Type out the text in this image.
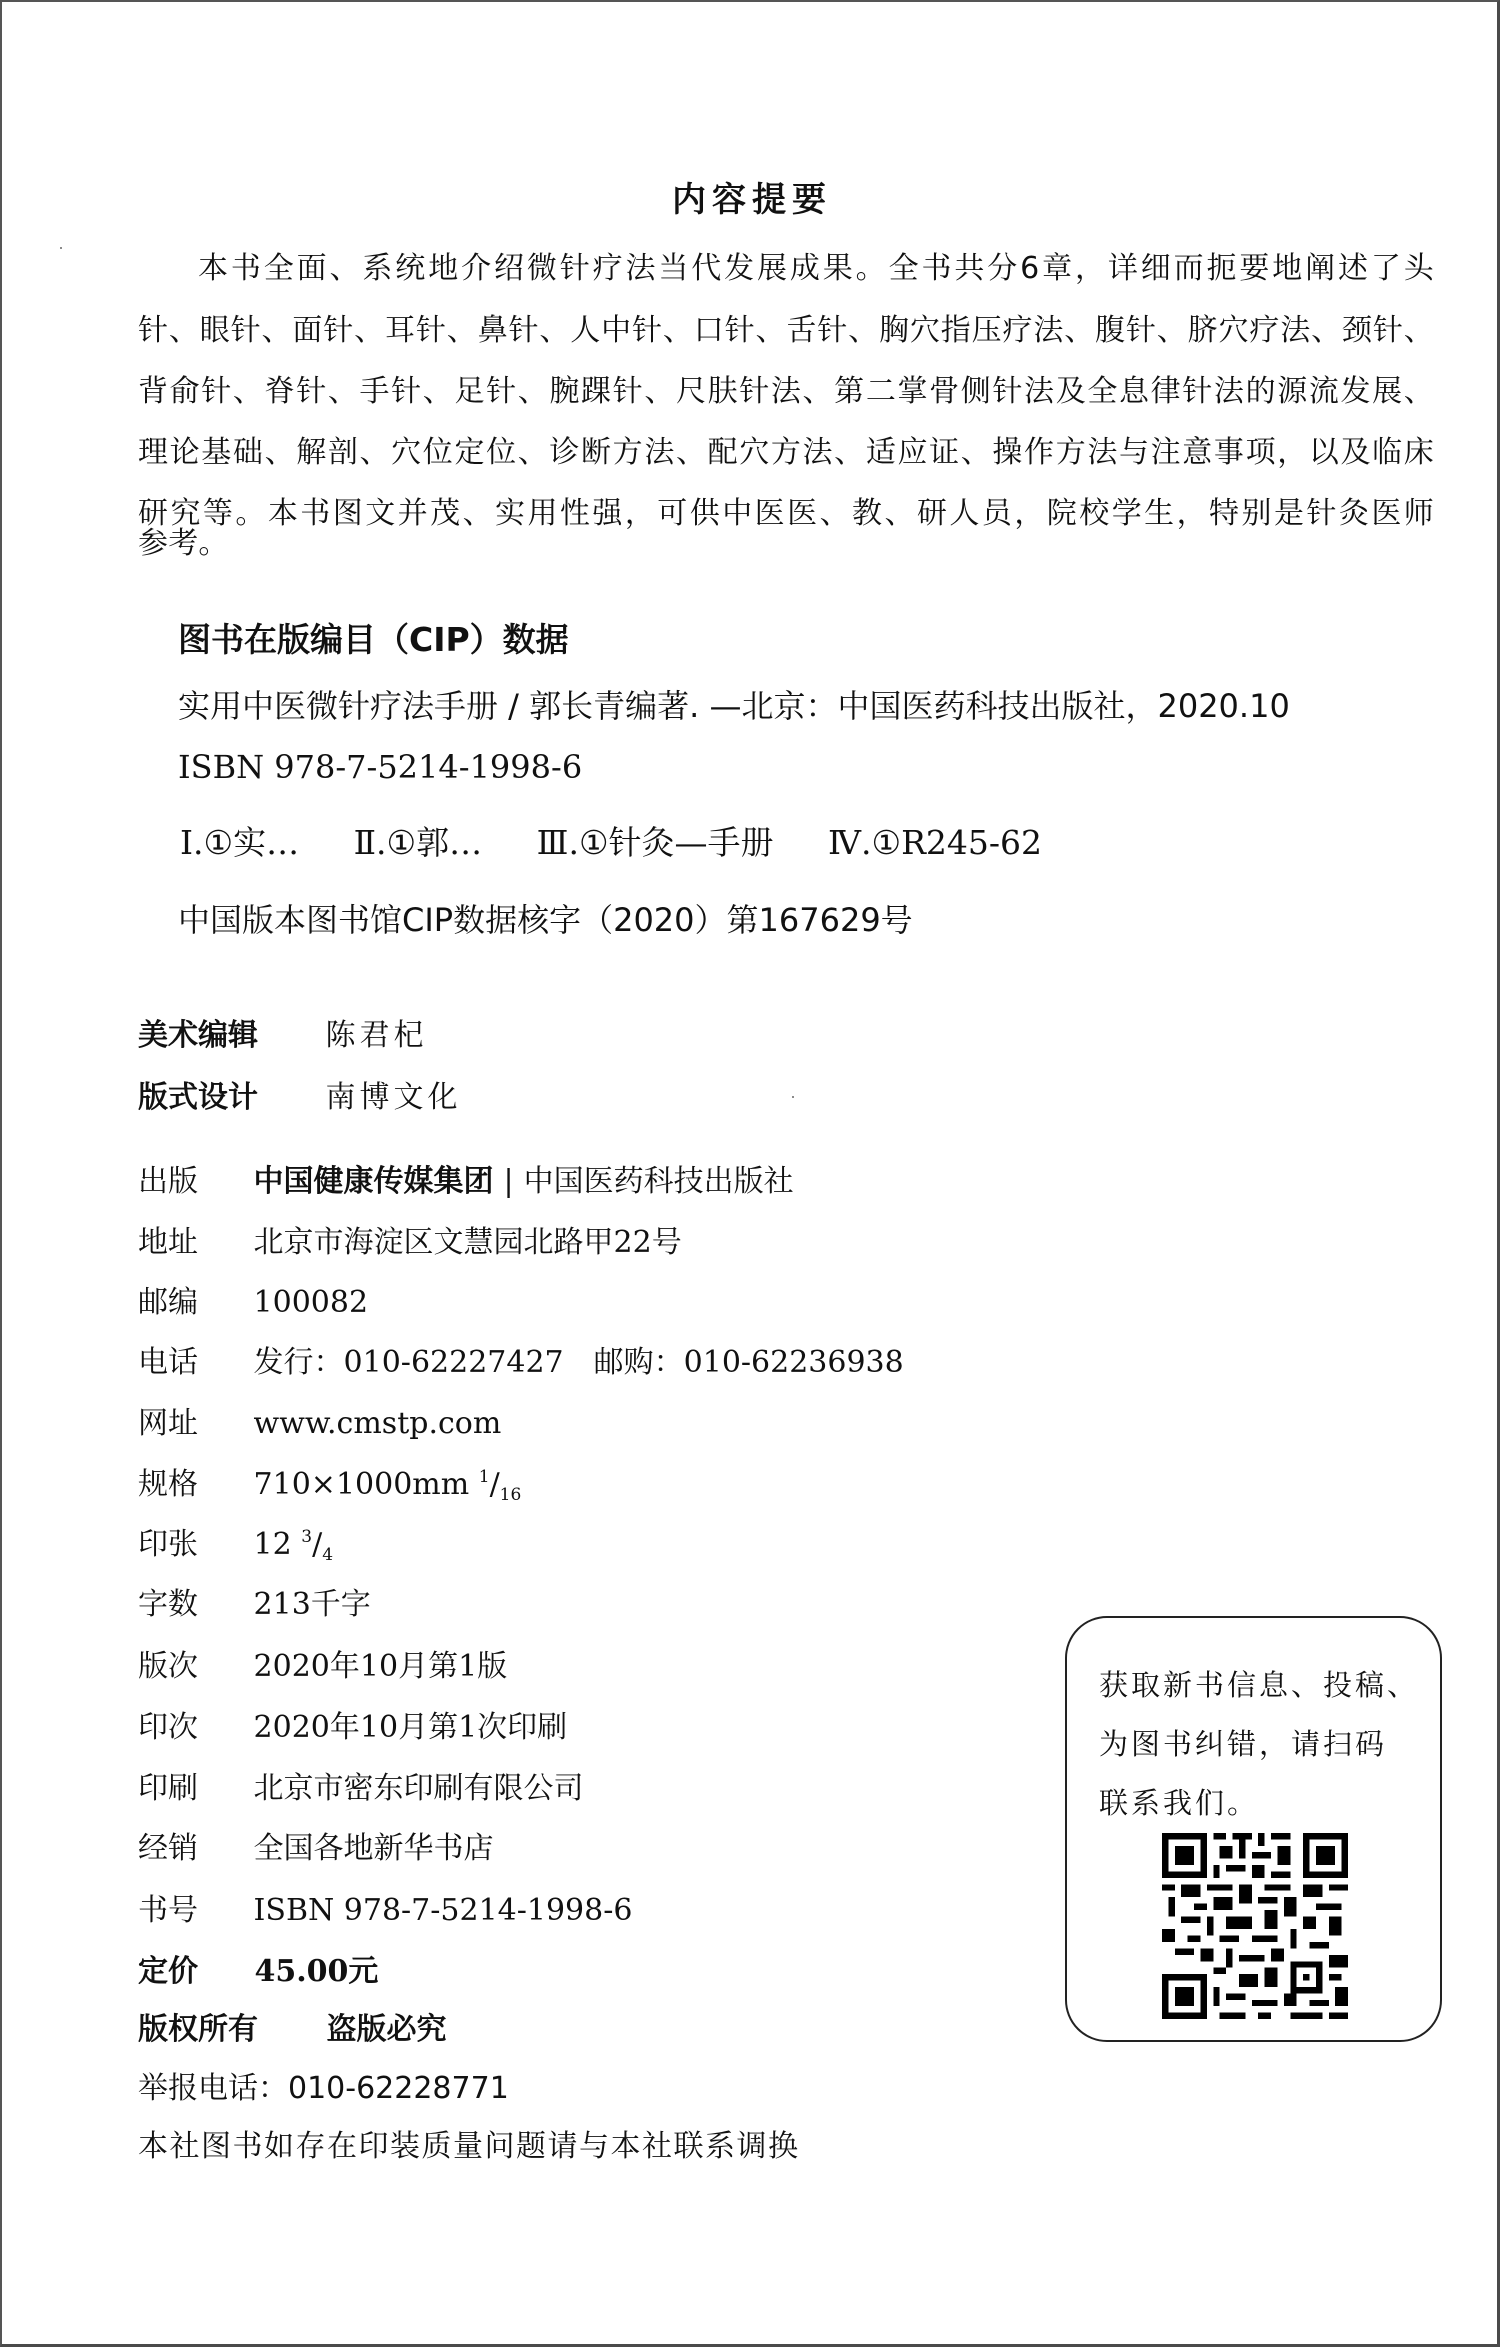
内容提要
本书全面、系统地介绍微针疗法当代发展成果。全书共分6章，详细而扼要地阐述了头
针、眼针、面针、耳针、鼻针、人中针、口针、舌针、胸穴指压疗法、腹针、脐穴疗法、颈针、
背俞针、脊针、手针、足针、腕踝针、尺肤针法、第二掌骨侧针法及全息律针法的源流发展、
理论基础、解剖、穴位定位、诊断方法、配穴方法、适应证、操作方法与注意事项，以及临床
研究等。本书图文并茂、实用性强，可供中医医、教、研人员，院校学生，特别是针灸医师
参考。
图书在版编目（CIP）数据
实用中医微针疗法手册 / 郭长青编著. —北京：中国医药科技出版社，2020.10
ISBN 978-7-5214-1998-6
Ⅰ.①实… Ⅱ.①郭… Ⅲ.①针灸—手册 Ⅳ.①R245-62
中国版本图书馆CIP数据核字（2020）第167629号
美术编辑 陈君杞
版式设计 南博文化
出版 中国健康传媒集团 | 中国医药科技出版社
地址 北京市海淀区文慧园北路甲22号
邮编 100082
电话 发行：010-62227427　邮购：010-62236938
网址 www.cmstp.com
规格 710×1000mm $^1/_{16}$
印张 12 $^3/_4$
字数 213千字
版次 2020年10月第1版
印次 2020年10月第1次印刷
印刷 北京市密东印刷有限公司
经销 全国各地新华书店
书号 ISBN 978-7-5214-1998-6
定价 45.00元
版权所有 盗版必究
举报电话：010-62228771
本社图书如存在印装质量问题请与本社联系调换
获取新书信息、投稿、
为图书纠错，请扫码
联系我们。
